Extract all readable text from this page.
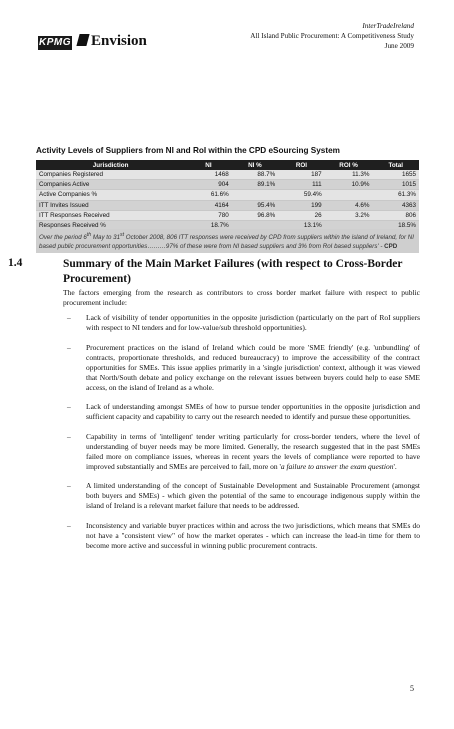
KPMG	Envision
InterTradeIreland
All Island Public Procurement: A Competitiveness Study
June 2009
Activity Levels of Suppliers from NI and RoI within the CPD eSourcing System
Jurisdiction	NI	NI %	ROI	ROI %	Total
Companies Registered	1468	88.7%	187	11.3%	1655
Companies Active	904	89.1%	111	10.9%	1015
Active Companies %	61.6%		59.4%		61.3%
ITT Invites Issued	4164	95.4%	199	4.6%	4363
ITT Responses Received	780	96.8%	26	3.2%	806
Responses Received %	18.7%		13.1%		18.5%
Over the period 6th May to 31st October 2008, 806 ITT responses were received by CPD from suppliers within the island of Ireland, for NI based public procurement opportunities………97% of these were from NI based suppliers and 3% from RoI based suppliers' - CPD
1.4	Summary of the Main Market Failures (with respect to Cross-Border Procurement)

The factors emerging from the research as contributors to cross border market failure with respect to public procurement include:

– Lack of visibility of tender opportunities in the opposite jurisdiction (particularly on the part of RoI suppliers with respect to NI tenders and for low-value/sub threshold opportunities).
– Procurement practices on the island of Ireland which could be more 'SME friendly' (e.g. 'unbundling' of contracts, proportionate thresholds, and reduced bureaucracy) to improve the accessibility of the contract opportunities for SMEs. This issue applies primarily in a 'single jurisdiction' context, although it was viewed that North/South debate and policy exchange on the relevant issues between buyers could help to ease SME access, on the island of Ireland as a whole.
– Lack of understanding amongst SMEs of how to pursue tender opportunities in the opposite jurisdiction and sufficient capacity and capability to carry out the research needed to identify and pursue these opportunities.
– Capability in terms of 'intelligent' tender writing particularly for cross-border tenders, where the level of understanding of buyer needs may be more limited. Generally, the research suggested that in the past SMEs failed more on compliance issues, whereas in recent years the levels of compliance were reported to have improved substantially and SMEs are perceived to fail, more on 'a failure to answer the exam question'.
– A limited understanding of the concept of Sustainable Development and Sustainable Procurement (amongst both buyers and SMEs) - which given the potential of the same to encourage indigenous supply within the island of Ireland is a relevant market failure that needs to be addressed.
– Inconsistency and variable buyer practices within and across the two jurisdictions, which means that SMEs do not have a "consistent view" of how the market operates - which can increase the lead-in time for them to become more active and successful in winning public procurement contracts.
5
